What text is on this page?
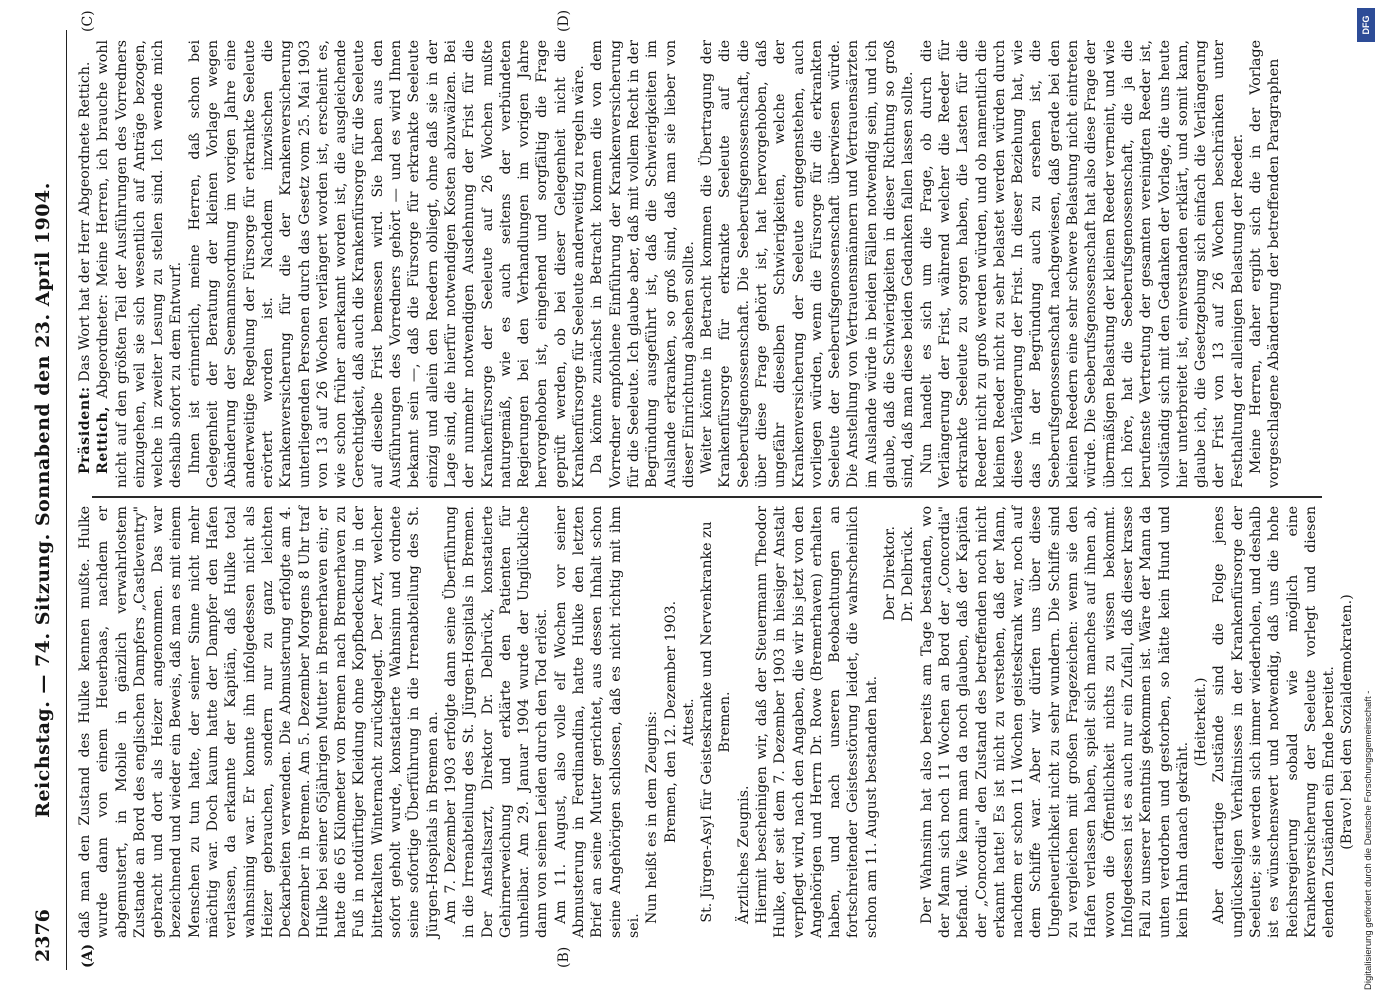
2376
Reichstag. — 74. Sitzung. Sonnabend den 23. April 1904.
(A)	(B)
(C)	(D)

daß man den Zustand des Hulke kennen mußte. Hulke wurde dann von einem Heuerbaas, nachdem er abgemustert, in Mobile in gänzlich verwahrlostem Zustande an Bord des englischen Dampfers „Castleventry" gebracht und dort als Heizer angenommen. Das war bezeichnend und wieder ein Beweis, daß man es mit einem Menschen zu tun hatte, der seiner Sinne nicht mehr mächtig war. Doch kaum hatte der Dampfer den Hafen verlassen, da erkannte der Kapitän, daß Hulke total wahnsinnig war. Er konnte ihn infolgedessen nicht als Heizer gebrauchen, sondern nur zu ganz leichten Deckarbeiten verwenden. Die Abmusterung erfolgte am 4. Dezember in Bremen. Am 5. Dezember Morgens 8 Uhr traf Hulke bei seiner 65jährigen Mutter in Bremerhaven ein; er hatte die 65 Kilometer von Bremen nach Bremerhaven zu Fuß in notdürftiger Kleidung ohne Kopfbedeckung in der bitterkalten Winternacht zurückgelegt. Der Arzt, welcher sofort geholt wurde, konstatierte Wahnsinn und ordnete seine sofortige Überführung in die Irrenabteilung des St. Jürgen-Hospitals in Bremen an. Am 7. Dezember 1903 erfolgte dann seine Überführung in die Irrenabteilung des St. Jürgen-Hospitals in Bremen. Der Anstaltsarzt, Direktor Dr. Delbrück, konstatierte Gehirnerweichung und erklärte den Patienten für unheilbar. Am 29. Januar 1904 wurde der Unglückliche dann von seinen Leiden durch den Tod erlöst. Am 11. August, also volle elf Wochen vor seiner Abmusterung in Ferdinandina, hatte Hulke den letzten Brief an seine Mutter gerichtet, aus dessen Inhalt schon seine Angehörigen schlossen, daß es nicht richtig mit ihm sei.

Nun heißt es in dem Zeugnis: Bremen, den 12. Dezember 1903. Attest. St. Jürgen-Asyl für Geisteskranke und Nervenkranke zu Bremen.

Ärztliches Zeugnis. Hiermit bescheinigen wir, daß der Steuermann Theodor Hulke, der seit dem 7. Dezember 1903 in hiesiger Anstalt verpflegt wird, nach den Angaben, die wir bis jetzt von den Angehörigen und Herrn Dr. Rowe (Bremerhaven) erhalten haben, und nach unseren Beobachtungen an fortschreitender Geistesstörung leidet, die wahrscheinlich schon am 11. August bestanden hat.

Der Direktor. Dr. Delbrück. Der Wahnsinn hat also bereits am Tage bestanden, wo der Mann sich noch 11 Wochen an Bord der „Concordia" befand. Wie kann man da noch glauben, daß der Kapitän der „Concordia" den Zustand des betreffenden noch nicht erkannt hatte! Es ist nicht zu verstehen, daß der Mann, nachdem er schon 11 Wochen geisteskrank war, noch auf dem Schiffe war. Aber wir dürfen uns über diese Ungeheuerlichkeit nicht zu sehr wundern. Die Schiffe sind zu vergleichen mit großen Fragezeichen: wenn sie den Hafen verlassen haben, spielt sich manches auf ihnen ab, wovon die Öffentlichkeit nichts zu wissen bekommt. Infolgedessen ist es auch nur ein Zufall, daß dieser krasse Fall zu unserer Kenntnis gekommen ist. Wäre der Mann da unten verdorben und gestorben, so hätte kein Hund und kein Hahn danach gekräht.

(Heiterkeit.) Aber derartige Zustände sind die Folge jenes unglückseligen Verhältnisses in der Krankenfürsorge der Seeleute; sie werden sich immer wiederholen, und deshalb ist es wünschenswert und notwendig, daß uns die hohe Reichsregierung sobald wie möglich eine Krankenversicherung der Seeleute vorlegt und diesen elenden Zuständen ein Ende bereitet. (Bravo! bei den Sozialdemokraten.)

Präsident: Das Wort hat der Herr Abgeordnete Rettich.

Rettich, Abgeordneter: Meine Herren, ich brauche wohl nicht auf den größten Teil der Ausführungen des Vorredners einzugehen, weil sie sich wesentlich auf Anträge bezogen, welche in zweiter Lesung zu stellen sind. Ich wende mich deshalb sofort zu dem Entwurf. Ihnen ist erinnerlich, meine Herren, daß schon bei Gelegenheit der Beratung der kleinen Vorlage wegen Abänderung der Seemannsordnung im vorigen Jahre eine anderweitige Regelung der Fürsorge für erkrankte Seeleute erörtert worden ist. Nachdem inzwischen die Krankenversicherung für die der Krankenversicherung unterliegenden Personen durch das Gesetz vom 25. Mai 1903 von 13 auf 26 Wochen verlängert worden ist, erscheint es, wie schon früher anerkannt worden ist, die ausgleichende Gerechtigkeit, daß auch die Krankenfürsorge für die Seeleute auf dieselbe Frist bemessen wird. Sie haben aus den Ausführungen des Vorredners gehört — und es wird Ihnen bekannt sein —, daß die Fürsorge für erkrankte Seeleute einzig und allein den Reedern obliegt, ohne daß sie in der Lage sind, die hierfür notwendigen Kosten abzuwälzen. Bei der nunmehr notwendigen Ausdehnung der Frist für die Krankenfürsorge der Seeleute auf 26 Wochen mußte naturgemäß, wie es auch seitens der verbündeten Regierungen bei den Verhandlungen im vorigen Jahre hervorgehoben ist, eingehend und sorgfältig die Frage geprüft werden, ob bei dieser Gelegenheit nicht die Krankenfürsorge für Seeleute anderweitig zu regeln wäre. Da könnte zunächst in Betracht kommen die von dem Vorredner empfohlene Einführung der Krankenversicherung für die Seeleute. Ich glaube aber, daß mit vollem Recht in der Begründung ausgeführt ist, daß die Schwierigkeiten im Auslande erkranken, so groß sind, daß man sie lieber von dieser Einrichtung absehen sollte. Weiter könnte in Betracht kommen die Übertragung der Krankenfürsorge für erkrankte Seeleute auf die Seeberufsgenossenschaft. Die Seeberufsgenossenschaft, die über diese Frage gehört ist, hat hervorgehoben, daß ungefähr dieselben Schwierigkeiten, welche der Krankenversicherung der Seeleute entgegenstehen, auch vorliegen würden, wenn die Fürsorge für die erkrankten Seeleute der Seeberufsgenossenschaft überwiesen würde. Die Anstellung von Vertrauensmännern und Vertrauensärzten im Auslande würde in beiden Fällen notwendig sein, und ich glaube, daß die Schwierigkeiten in dieser Richtung so groß sind, daß man diese beiden Gedanken fallen lassen sollte. Nun handelt es sich um die Frage, ob durch die Verlängerung der Frist, während welcher die Reeder für erkrankte Seeleute zu sorgen haben, die Lasten für die Reeder nicht zu groß werden würden, und ob namentlich die kleinen Reeder nicht zu sehr belastet werden würden durch diese Verlängerung der Frist. In dieser Beziehung hat, wie das in der Begründung auch zu ersehen ist, die Seeberufsgenossenschaft nachgewiesen, daß gerade bei den kleinen Reedern eine sehr schwere Belastung nicht eintreten würde. Die Seeberufsgenossenschaft hat also diese Frage der übermäßigen Belastung der kleinen Reeder verneint, und wie ich höre, hat die Seeberufsgenossenschaft, die ja die berufenste Vertretung der gesamten vereinigten Reeder ist, vollständig sich mit den Gedanken der Vorlage, die uns heute hier unterbreitet ist, einverstanden erklärt, und somit kann, glaube ich, die Gesetzgebung sich einfach die Verlängerung der Frist von 13 auf 26 Wochen beschränken unter Festhaltung der alleinigen Belastung der Reeder. Meine Herren, daher ergibt sich die in der Vorlage vorgeschlagene Abänderung der betreffenden Paragraphen

Digitalisierung gefördert durch die Deutsche Forschungsgemeinschaft -
DFG
